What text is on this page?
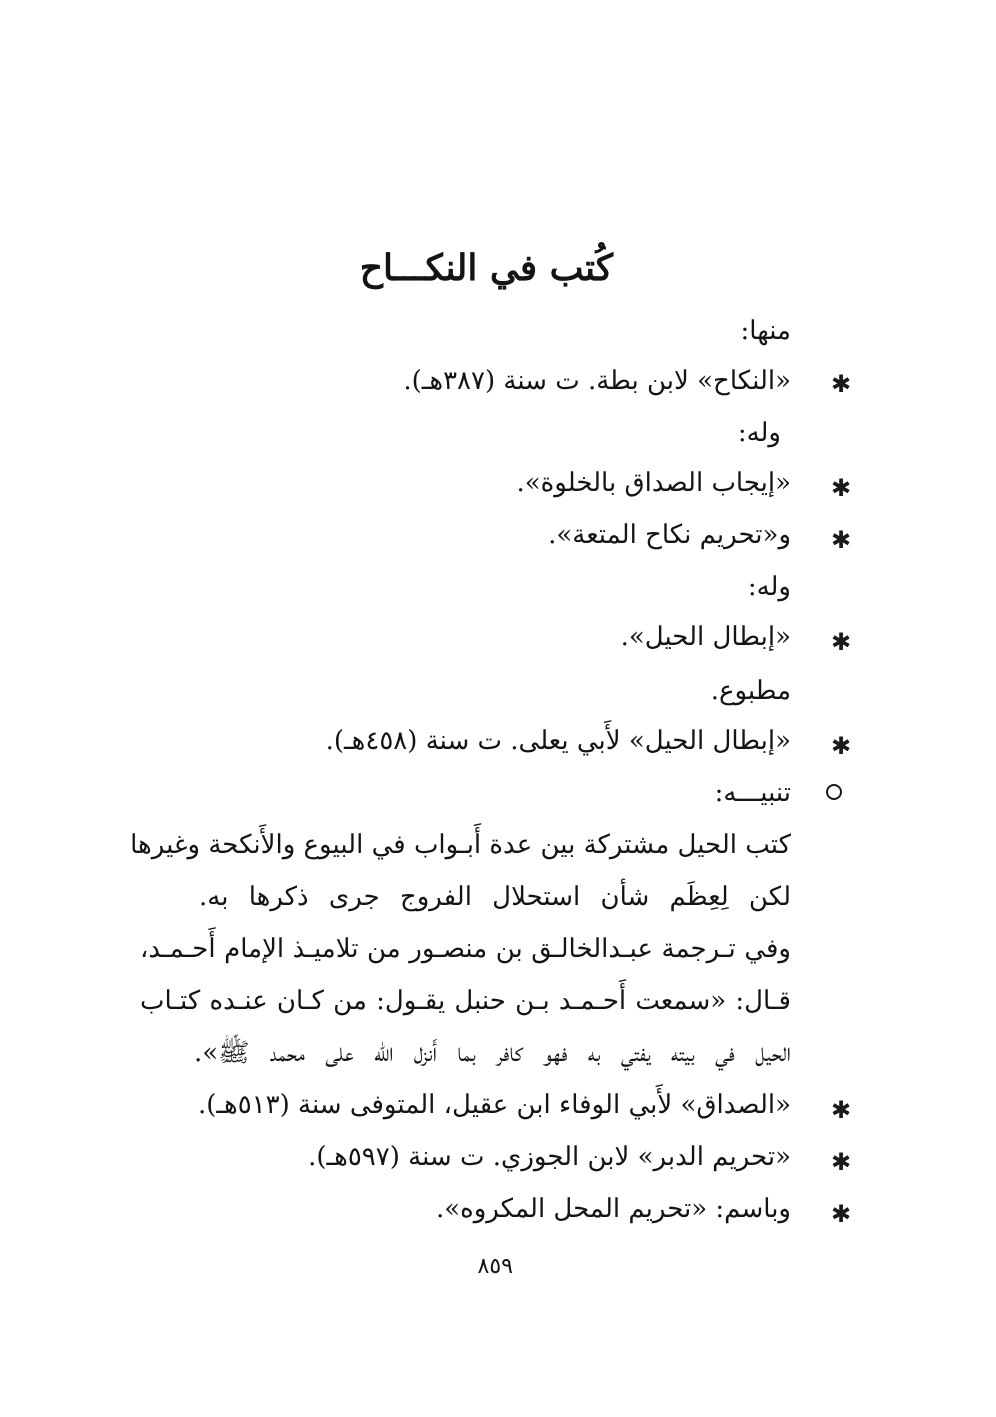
كُتب في النكـــاح
منها:
✱
«النكاح» لابن بطة. ت سنة (٣٨٧هـ).
وله:
✱
«إيجاب الصداق بالخلوة».
✱
و«تحريم نكاح المتعة».
وله:
✱
«إبطال الحيل».
مطبوع.
✱
«إبطال الحيل» لأَبي يعلى. ت سنة (٤٥٨هـ).
تنبيـــه:
كتب الحيل مشتركة بين عدة أَبـواب في البيوع والأَنكحة وغيرها
لكن لِعِظَم شأن استحلال الفروج جرى ذكرها به.
وفي تـرجمة عبـدالخالـق بن منصـور من تلاميـذ الإمام أَحـمـد،
قـال: «سمعت أَحـمـد بـن حنبل يقـول: من كـان عنـده كتـاب
الحيل في بيته يفتي به فهو كافر بما أَنزل الله على محمد ﷺ».
✱
«الصداق» لأَبي الوفاء ابن عقيل، المتوفى سنة (٥١٣هـ).
✱
«تحريم الدبر» لابن الجوزي. ت سنة (٥٩٧هـ).
✱
وباسم: «تحريم المحل المكروه».
٨٥٩
